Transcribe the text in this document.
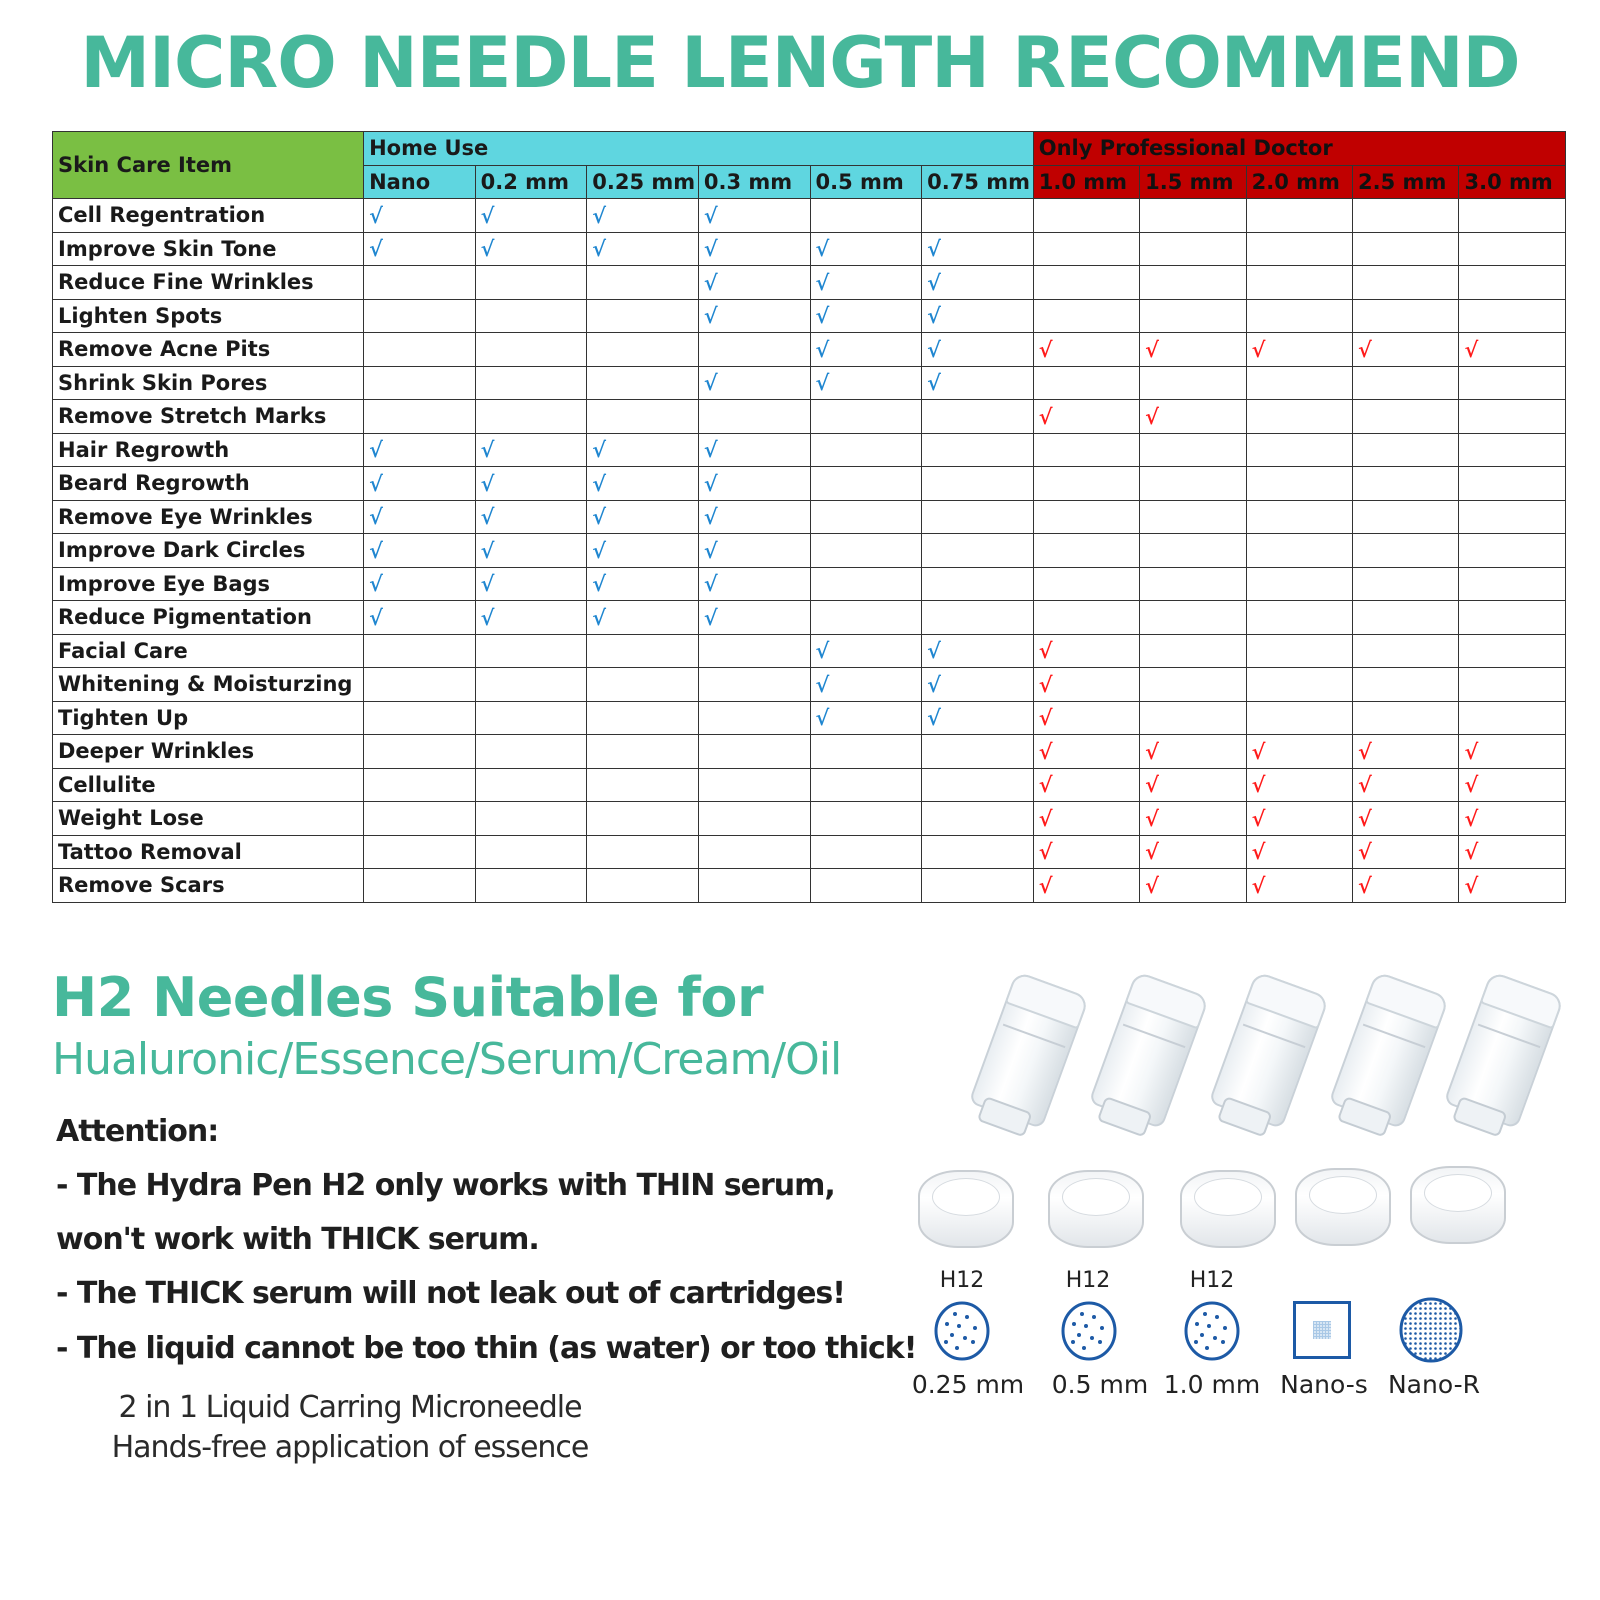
MICRO NEEDLE LENGTH RECOMMEND
Skin Care Item	Home Use						Only Professional Doctor				
	Nano	0.2 mm	0.25 mm	0.3 mm	0.5 mm	0.75 mm	1.0 mm	1.5 mm	2.0 mm	2.5 mm	3.0 mm
Cell Regentration	√	√	√	√							
Improve Skin Tone	√	√	√	√	√	√					
Reduce Fine Wrinkles				√	√	√					
Lighten Spots				√	√	√					
Remove Acne Pits					√	√	√	√	√	√	√
Shrink Skin Pores				√	√	√					
Remove Stretch Marks							√	√			
Hair Regrowth	√	√	√	√							
Beard Regrowth	√	√	√	√							
Remove Eye Wrinkles	√	√	√	√							
Improve Dark Circles	√	√	√	√							
Improve Eye Bags	√	√	√	√							
Reduce Pigmentation	√	√	√	√							
Facial Care					√	√	√				
Whitening & Moisturzing					√	√	√				
Tighten Up					√	√	√				
Deeper Wrinkles							√	√	√	√	√
Cellulite							√	√	√	√	√
Weight Lose							√	√	√	√	√
Tattoo Removal							√	√	√	√	√
Remove Scars							√	√	√	√	√
H2 Needles Suitable for
Hualuronic/Essence/Serum/Cream/Oil
Attention:
- The Hydra Pen H2 only works with THIN serum,
won't work with THICK serum.
- The THICK serum will not leak out of cartridges!
- The liquid cannot be too thin (as water) or too thick!
2 in 1 Liquid Carring Microneedle
Hands-free application of essence
H12	H12	H12
0.25 mm	0.5 mm 1.0 mm Nano-s Nano-R
